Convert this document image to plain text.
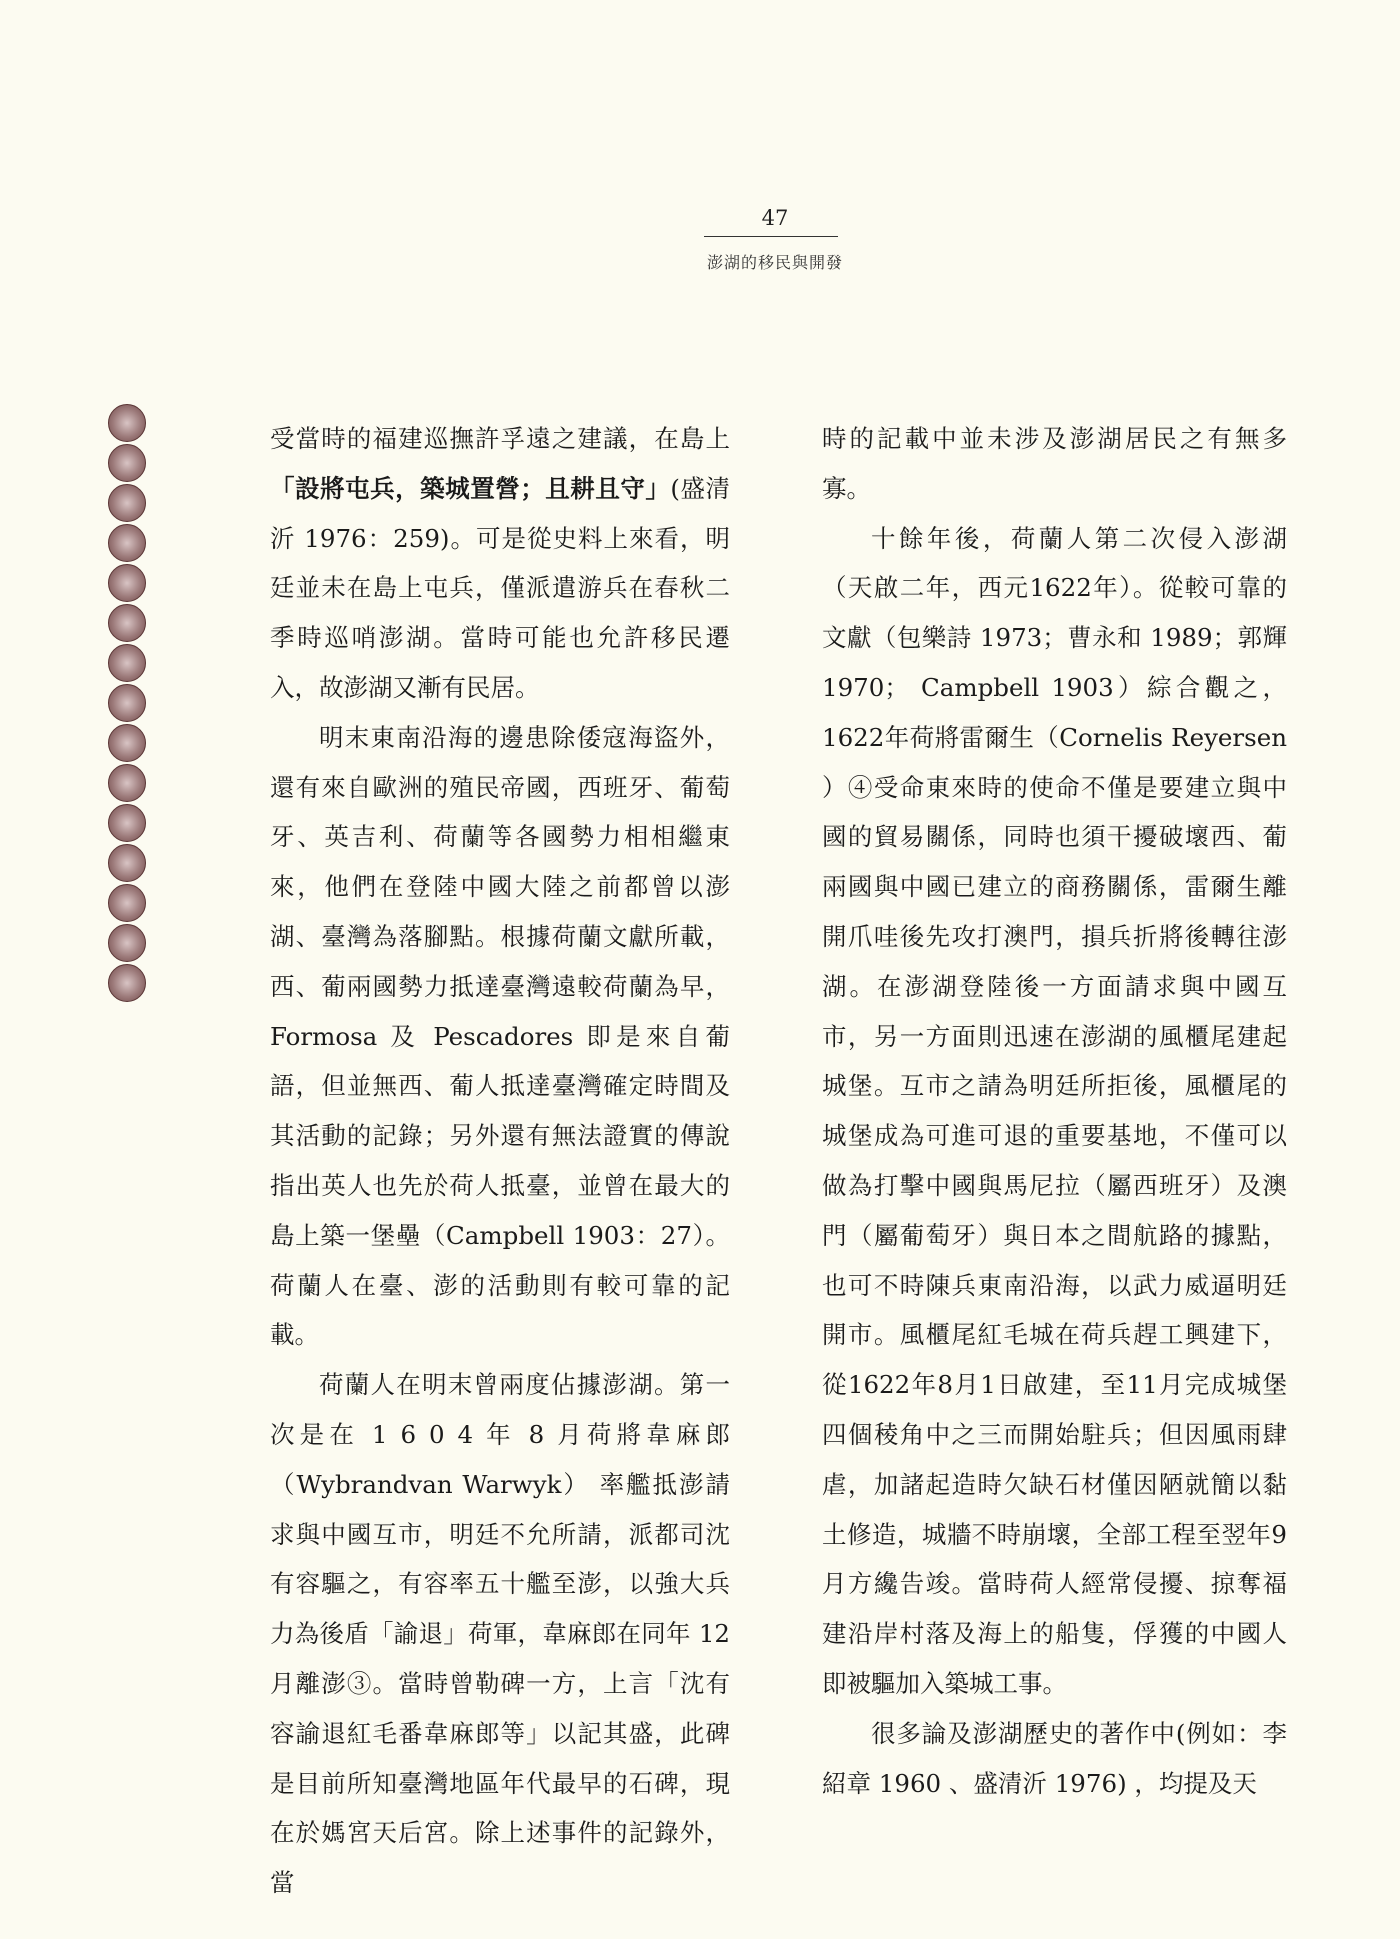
47
澎湖的移民與開發

受當時的福建巡撫許孚遠之建議，在島上「設將屯兵，築城置營；且耕且守」(盛清沂 1976：259)。可是從史料上來看，明廷並未在島上屯兵，僅派遣游兵在春秋二季時巡哨澎湖。當時可能也允許移民遷入，故澎湖又漸有民居。

明末東南沿海的邊患除倭寇海盜外，還有來自歐洲的殖民帝國，西班牙、葡萄牙、英吉利、荷蘭等各國勢力相相繼東來，他們在登陸中國大陸之前都曾以澎湖、臺灣為落腳點。根據荷蘭文獻所載，西、葡兩國勢力抵達臺灣遠較荷蘭為早，Formosa 及 Pescadores 即是來自葡語，但並無西、葡人抵達臺灣確定時間及其活動的記錄；另外還有無法證實的傳說指出英人也先於荷人抵臺，並曾在最大的島上築一堡壘（Campbell 1903：27）。荷蘭人在臺、澎的活動則有較可靠的記載。

荷蘭人在明末曾兩度佔據澎湖。第一次是在 1 6 0 4 年 8 月荷將韋麻郎（Wybrandvan Warwyk） 率艦抵澎請求與中國互市，明廷不允所請，派都司沈有容驅之，有容率五十艦至澎，以強大兵力為後盾「諭退」荷軍，韋麻郎在同年 12 月離澎③。當時曾勒碑一方，上言「沈有容諭退紅毛番韋麻郎等」以記其盛，此碑是目前所知臺灣地區年代最早的石碑，現在於媽宮天后宮。除上述事件的記錄外，當

時的記載中並未涉及澎湖居民之有無多寡。

十餘年後，荷蘭人第二次侵入澎湖（天啟二年，西元1622年）。從較可靠的文獻（包樂詩 1973；曹永和 1989；郭輝 1970； Campbell 1903）綜合觀之，1622年荷將雷爾生（Cornelis Reyersen ）④受命東來時的使命不僅是要建立與中國的貿易關係，同時也須干擾破壞西、葡兩國與中國已建立的商務關係，雷爾生離開爪哇後先攻打澳門，損兵折將後轉往澎湖。在澎湖登陸後一方面請求與中國互市，另一方面則迅速在澎湖的風櫃尾建起城堡。互市之請為明廷所拒後，風櫃尾的城堡成為可進可退的重要基地，不僅可以做為打擊中國與馬尼拉（屬西班牙）及澳門（屬葡萄牙）與日本之間航路的據點，也可不時陳兵東南沿海，以武力威逼明廷開市。風櫃尾紅毛城在荷兵趕工興建下，從1622年8月1日啟建，至11月完成城堡四個稜角中之三而開始駐兵；但因風雨肆虐，加諸起造時欠缺石材僅因陋就簡以黏土修造，城牆不時崩壞，全部工程至翌年9月方纔告竣。當時荷人經常侵擾、掠奪福建沿岸村落及海上的船隻，俘獲的中國人即被驅加入築城工事。

很多論及澎湖歷史的著作中(例如：李紹章 1960 、盛清沂 1976) ，均提及天
